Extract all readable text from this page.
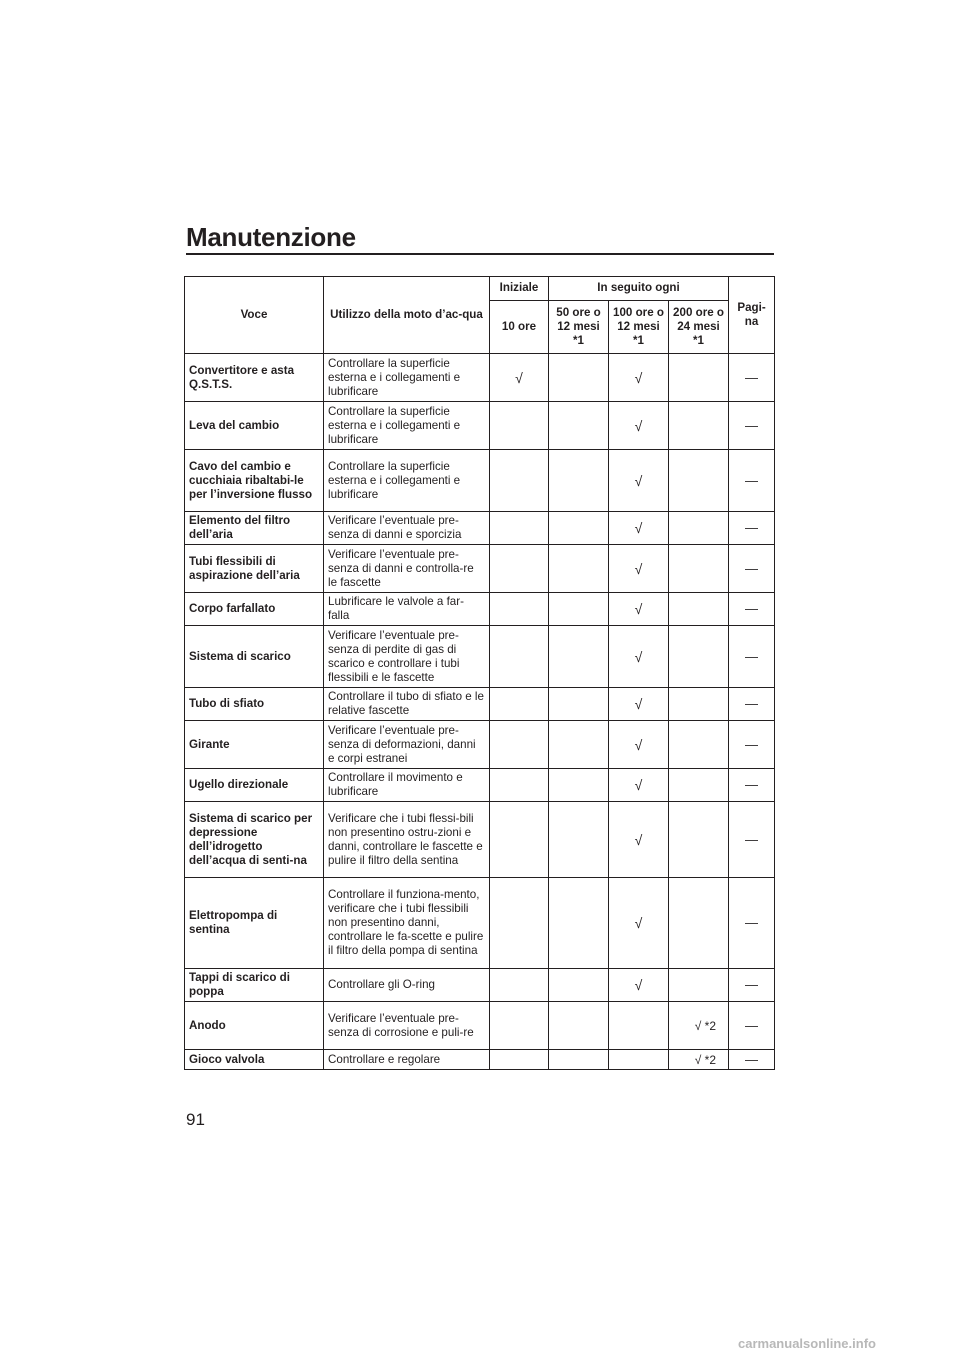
Manutenzione
Voce	Utilizzo della moto d’ac-qua	Iniziale	In seguito ogni			Pagi-na
		10 ore	50 ore o 12 mesi *1	100 ore o 12 mesi *1	200 ore o 24 mesi *1	
Convertitore e asta Q.S.T.S.	Controllare la superficie esterna e i collegamenti e lubrificare	√		√		—
Leva del cambio	Controllare la superficie esterna e i collegamenti e lubrificare			√		—
Cavo del cambio e cucchiaia ribaltabi-le per l’inversione flusso	Controllare la superficie esterna e i collegamenti e lubrificare			√		—
Elemento del filtro dell’aria	Verificare l’eventuale pre-senza di danni e sporcizia			√		—
Tubi flessibili di aspirazione dell’aria	Verificare l’eventuale pre-senza di danni e controlla-re le fascette			√		—
Corpo farfallato	Lubrificare le valvole a far-falla			√		—
Sistema di scarico	Verificare l’eventuale pre-senza di perdite di gas di scarico e controllare i tubi flessibili e le fascette			√		—
Tubo di sfiato	Controllare il tubo di sfiato e le relative fascette			√		—
Girante	Verificare l’eventuale pre-senza di deformazioni, danni e corpi estranei			√		—
Ugello direzionale	Controllare il movimento e lubrificare			√		—
Sistema di scarico per depressione dell’idrogetto dell’acqua di senti-na	Verificare che i tubi flessi-bili non presentino ostru-zioni e danni, controllare le fascette e pulire il filtro della sentina			√		—
Elettropompa di sentina	Controllare il funziona-mento, verificare che i tubi flessibili non presentino danni, controllare le fa-scette e pulire il filtro della pompa di sentina			√		—
Tappi di scarico di poppa	Controllare gli O-ring			√		—
Anodo	Verificare l’eventuale pre-senza di corrosione e puli-re				√ *2	—
Gioco valvola	Controllare e regolare				√ *2	—
91
carmanualsonline.info
